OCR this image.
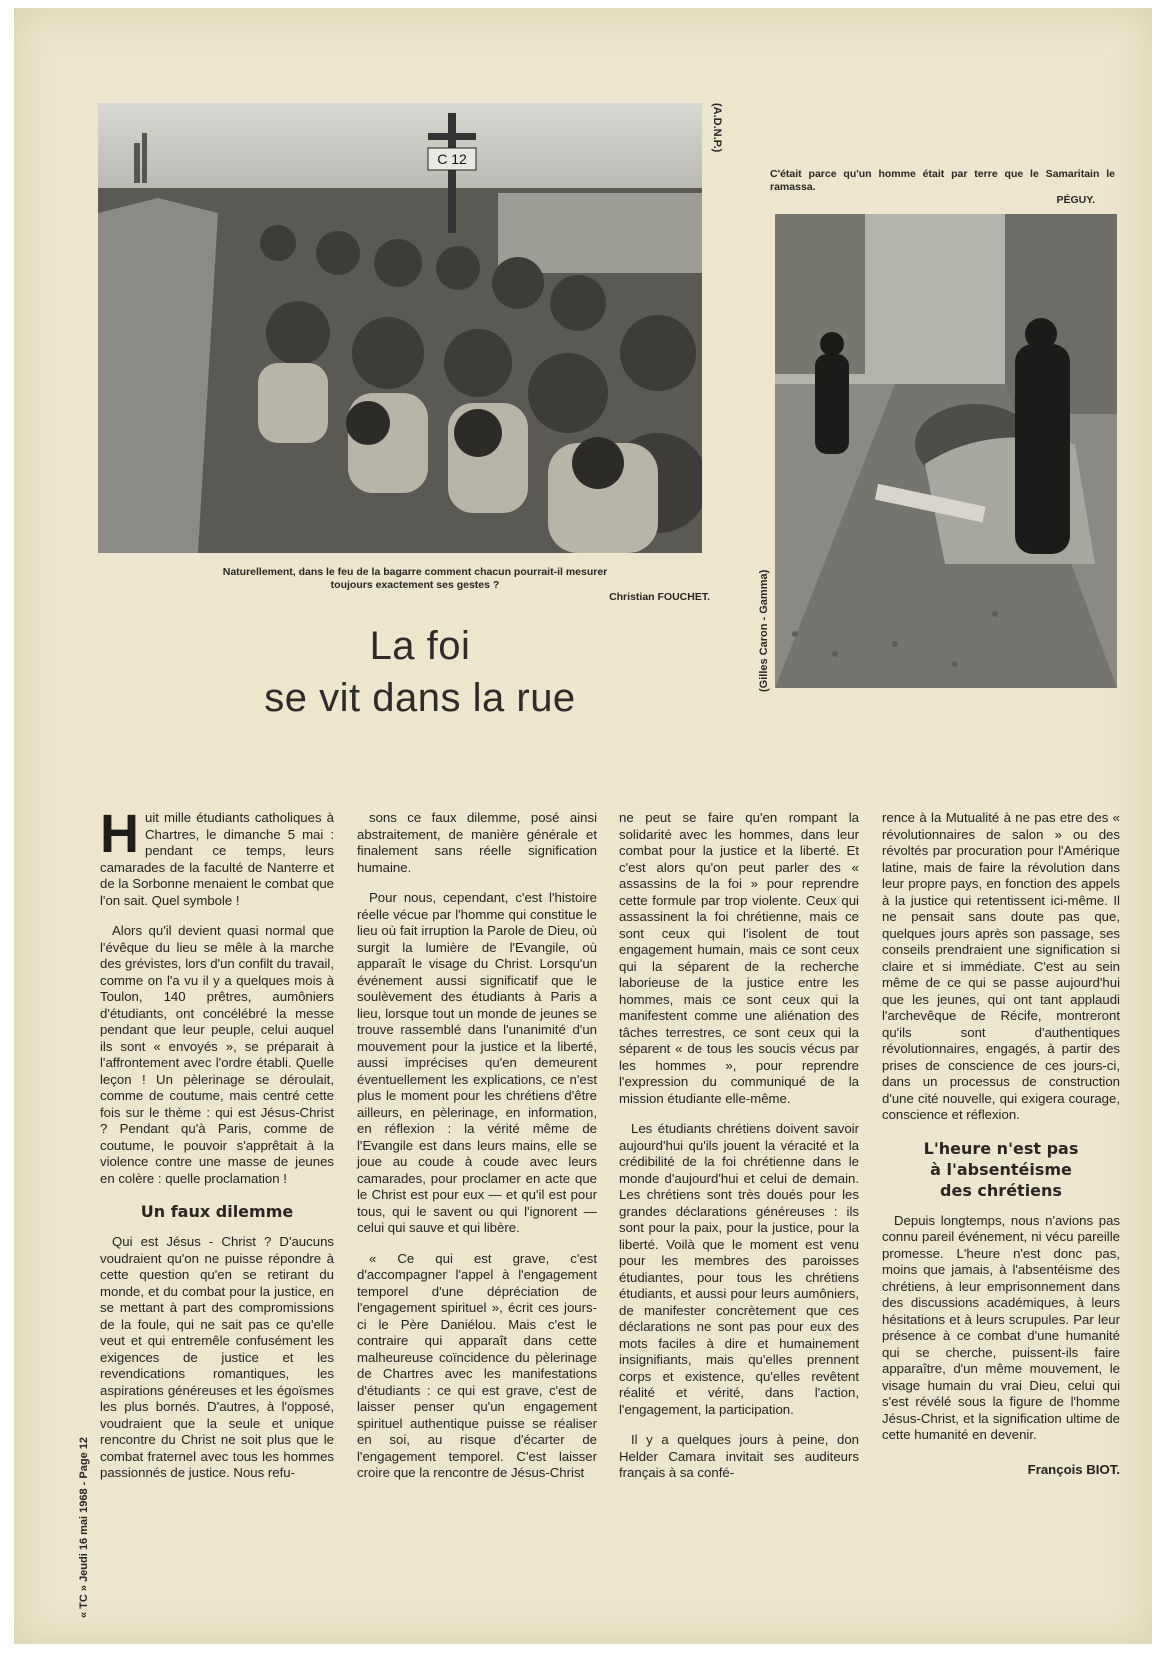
C 12
(A.D.N.P.)
Naturellement, dans le feu de la bagarre comment chacun pourrait-il mesurer
toujours exactement ses gestes ?
Christian FOUCHET.
C'était parce qu'un homme était par terre que le Samaritain le ramassa.
PÉGUY.
(Gilles Caron - Gamma)
La foi
se vit dans la rue
« TC » Jeudi 16 mai 1968 - Page 12

Huit mille étudiants catholiques à Chartres, le dimanche 5 mai : pendant ce temps, leurs camarades de la faculté de Nanterre et de la Sorbonne menaient le combat que l'on sait. Quel symbole !

Alors qu'il devient quasi normal que l'évêque du lieu se mêle à la marche des grévistes, lors d'un confilt du travail, comme on l'a vu il y a quelques mois à Toulon, 140 prêtres, aumôniers d'étudiants, ont concélébré la messe pendant que leur peuple, celui auquel ils sont « envoyés », se préparait à l'affrontement avec l'ordre établi. Quelle leçon ! Un pèlerinage se déroulait, comme de coutume, mais centré cette fois sur le thème : qui est Jésus-Christ ? Pendant qu'à Paris, comme de coutume, le pouvoir s'apprêtait à la violence contre une masse de jeunes en colère : quelle proclamation !

Un faux dilemme

Qui est Jésus - Christ ? D'aucuns voudraient qu'on ne puisse répondre à cette question qu'en se retirant du monde, et du combat pour la justice, en se mettant à part des compromissions de la foule, qui ne sait pas ce qu'elle veut et qui entremêle confusément les exigences de justice et les revendications romantiques, les aspirations généreuses et les égoïsmes les plus bornés. D'autres, à l'opposé, voudraient que la seule et unique rencontre du Christ ne soit plus que le combat fraternel avec tous les hommes passionnés de justice. Nous refu-

sons ce faux dilemme, posé ainsi abstraitement, de manière générale et finalement sans réelle signification humaine.

Pour nous, cependant, c'est l'histoire réelle vécue par l'homme qui constitue le lieu où fait irruption la Parole de Dieu, où surgit la lumière de l'Evangile, où apparaît le visage du Christ. Lorsqu'un événement aussi significatif que le soulèvement des étudiants à Paris a lieu, lorsque tout un monde de jeunes se trouve rassemblé dans l'unanimité d'un mouvement pour la justice et la liberté, aussi imprécises qu'en demeurent éventuellement les explications, ce n'est plus le moment pour les chrétiens d'être ailleurs, en pèlerinage, en information, en réflexion : la vérité même de l'Evangile est dans leurs mains, elle se joue au coude à coude avec leurs camarades, pour proclamer en acte que le Christ est pour eux — et qu'il est pour tous, qui le savent ou qui l'ignorent — celui qui sauve et qui libère.

« Ce qui est grave, c'est d'accompagner l'appel à l'engagement temporel d'une dépréciation de l'engagement spirituel », écrit ces jours-ci le Père Daniélou. Mais c'est le contraire qui apparaît dans cette malheureuse coïncidence du pèlerinage de Chartres avec les manifestations d'étudiants : ce qui est grave, c'est de laisser penser qu'un engagement spirituel authentique puisse se réaliser en soi, au risque d'écarter de l'engagement temporel. C'est laisser croire que la rencontre de Jésus-Christ

ne peut se faire qu'en rompant la solidarité avec les hommes, dans leur combat pour la justice et la liberté. Et c'est alors qu'on peut parler des « assassins de la foi » pour reprendre cette formule par trop violente. Ceux qui assassinent la foi chrétienne, mais ce sont ceux qui l'isolent de tout engagement humain, mais ce sont ceux qui la séparent de la recherche laborieuse de la justice entre les hommes, mais ce sont ceux qui la manifestent comme une aliénation des tâches terrestres, ce sont ceux qui la séparent « de tous les soucis vécus par les hommes », pour reprendre l'expression du communiqué de la mission étudiante elle-même.

Les étudiants chrétiens doivent savoir aujourd'hui qu'ils jouent la véracité et la crédibilité de la foi chrétienne dans le monde d'aujourd'hui et celui de demain. Les chrétiens sont très doués pour les grandes déclarations généreuses : ils sont pour la paix, pour la justice, pour la liberté. Voilà que le moment est venu pour les membres des paroisses étudiantes, pour tous les chrétiens étudiants, et aussi pour leurs aumôniers, de manifester concrètement que ces déclarations ne sont pas pour eux des mots faciles à dire et humainement insignifiants, mais qu'elles prennent corps et existence, qu'elles revêtent réalité et vérité, dans l'action, l'engagement, la participation.

Il y a quelques jours à peine, don Helder Camara invitait ses auditeurs français à sa confé-

rence à la Mutualité à ne pas etre des « révolutionnaires de salon » ou des révoltés par procuration pour l'Amérique latine, mais de faire la révolution dans leur propre pays, en fonction des appels à la justice qui retentissent ici-même. Il ne pensait sans doute pas que, quelques jours après son passage, ses conseils prendraient une signification si claire et si immédiate. C'est au sein même de ce qui se passe aujourd'hui que les jeunes, qui ont tant applaudi l'archevêque de Récife, montreront qu'ils sont d'authentiques révolutionnaires, engagés, à partir des prises de conscience de ces jours-ci, dans un processus de construction d'une cité nouvelle, qui exigera courage, conscience et réflexion.

L'heure n'est pas
à l'absentéisme
des chrétiens

Depuis longtemps, nous n'avions pas connu pareil événement, ni vécu pareille promesse. L'heure n'est donc pas, moins que jamais, à l'absentéisme des chrétiens, à leur emprisonnement dans des discussions académiques, à leurs hésitations et à leurs scrupules. Par leur présence à ce combat d'une humanité qui se cherche, puissent-ils faire apparaître, d'un même mouvement, le visage humain du vrai Dieu, celui qui s'est révélé sous la figure de l'homme Jésus-Christ, et la signification ultime de cette humanité en devenir.

François BIOT.
